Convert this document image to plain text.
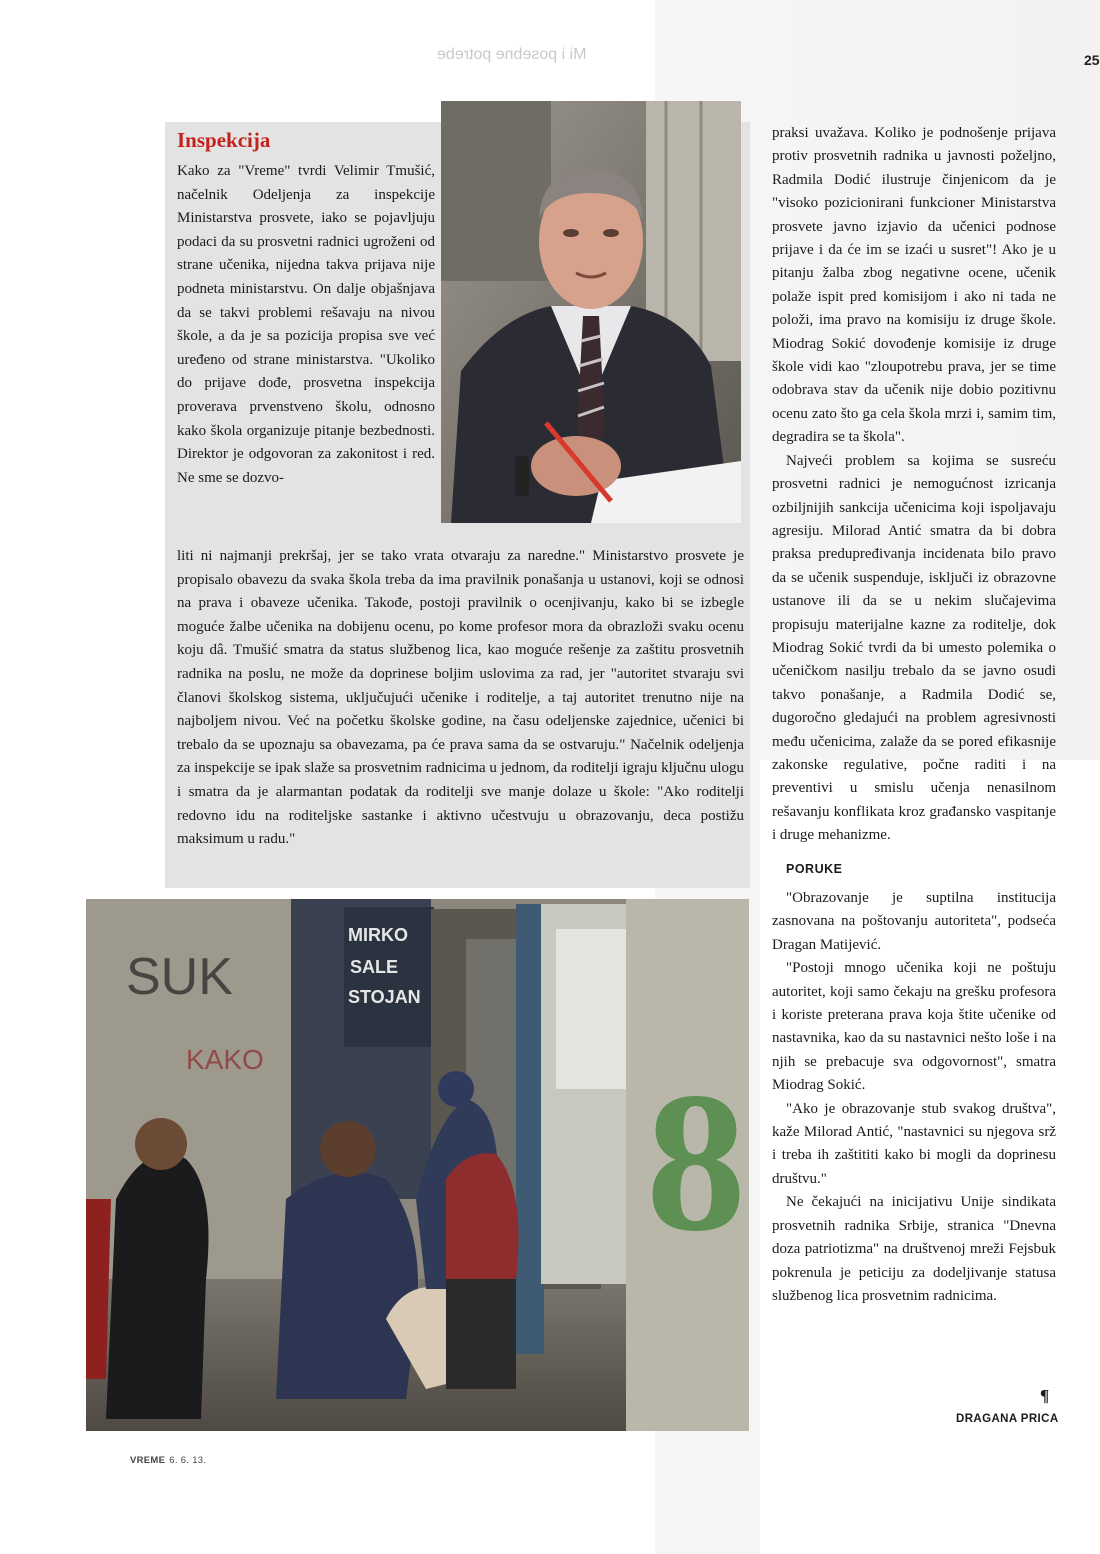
Mi i posebne potrebe	25
Inspekcija

Kako za "Vreme" tvrdi Velimir Tmušić, načelnik Odeljenja za inspekcije Ministarstva prosvete, iako se pojavljuju podaci da su prosvetni radnici ugroženi od strane učenika, nijedna takva prijava nije podneta ministarstvu. On dalje objašnjava da se takvi problemi rešavaju na nivou škole, a da je sa pozicija propisa sve već uređeno od strane ministarstva. "Ukoliko do prijave dođe, prosvetna inspekcija proverava prvenstveno školu, odnosno kako škola organizuje pitanje bezbednosti. Direktor je odgovoran za zakonitost i red. Ne sme se dozvo-

liti ni najmanji prekršaj, jer se tako vrata otvaraju za naredne." Ministarstvo prosvete je propisalo obavezu da svaka škola treba da ima pravilnik ponašanja u ustanovi, koji se odnosi na prava i obaveze učenika. Takođe, postoji pravilnik o ocenjivanju, kako bi se izbegle moguće žalbe učenika na dobijenu ocenu, po kome profesor mora da obrazloži svaku ocenu koju dâ. Tmušić smatra da status službenog lica, kao moguće rešenje za zaštitu prosvetnih radnika na poslu, ne može da doprinese boljim uslovima za rad, jer "autoritet stvaraju svi članovi školskog sistema, uključujući učenike i roditelje, a taj autoritet trenutno nije na najboljem nivou. Već na početku školske godine, na času odeljenske zajednice, učenici bi trebalo da se upoznaju sa obavezama, pa će prava sama da se ostvaruju." Načelnik odeljenja za inspekcije se ipak slaže sa prosvetnim radnicima u jednom, da roditelji igraju ključnu ulogu i smatra da je alarmantan podatak da roditelji sve manje dolaze u škole: "Ako roditelji redovno idu na roditeljske sastanke i aktivno učestvuju u obrazovanju, deca postižu maksimum u radu."

MIRKO
SALE
STOJAN
8
SUK
KAKO

praksi uvažava. Koliko je podnošenje prijava protiv prosvetnih radnika u javnosti poželjno, Radmila Dodić ilustruje činjenicom da je "visoko pozicionirani funkcioner Ministarstva prosvete javno izjavio da učenici podnose prijave i da će im se izaći u susret"! Ako je u pitanju žalba zbog negativne ocene, učenik polaže ispit pred komisijom i ako ni tada ne položi, ima pravo na komisiju iz druge škole. Miodrag Sokić dovođenje komisije iz druge škole vidi kao "zloupotrebu prava, jer se time odobrava stav da učenik nije dobio pozitivnu ocenu zato što ga cela škola mrzi i, samim tim, degradira se ta škola".

Najveći problem sa kojima se susreću prosvetni radnici je nemogućnost izricanja ozbiljnijih sankcija učenicima koji ispoljavaju agresiju. Milorad Antić smatra da bi dobra praksa predupređivanja incidenata bilo pravo da se učenik suspenduje, isključi iz obrazovne ustanove ili da se u nekim slučajevima propisuju materijalne kazne za roditelje, dok Miodrag Sokić tvrdi da bi umesto polemika o učeničkom nasilju trebalo da se javno osudi takvo ponašanje, a Radmila Dodić se, dugoročno gledajući na problem agresivnosti među učenicima, zalaže da se pored efikasnije zakonske regulative, počne raditi i na preventivi u smislu učenja nenasilnom rešavanju konflikata kroz građansko vaspitanje i druge mehanizme.

PORUKE

"Obrazovanje je suptilna institucija zasnovana na poštovanju autoriteta", podseća Dragan Matijević.

"Postoji mnogo učenika koji ne poštuju autoritet, koji samo čekaju na grešku profesora i koriste preterana prava koja štite učenike od nastavnika, kao da su nastavnici nešto loše i na njih se prebacuje sva odgovornost", smatra Miodrag Sokić.

"Ako je obrazovanje stub svakog društva", kaže Milorad Antić, "nastavnici su njegova srž i treba ih zaštititi kako bi mogli da doprinesu društvu."

Ne čekajući na inicijativu Unije sindikata prosvetnih radnika Srbije, stranica "Dnevna doza patriotizma" na društvenoj mreži Fejsbuk pokrenula je peticiju za dodeljivanje statusa službenog lica prosvetnim radnicima.

¶
DRAGANA PRICA
VREME 6. 6. 13.
